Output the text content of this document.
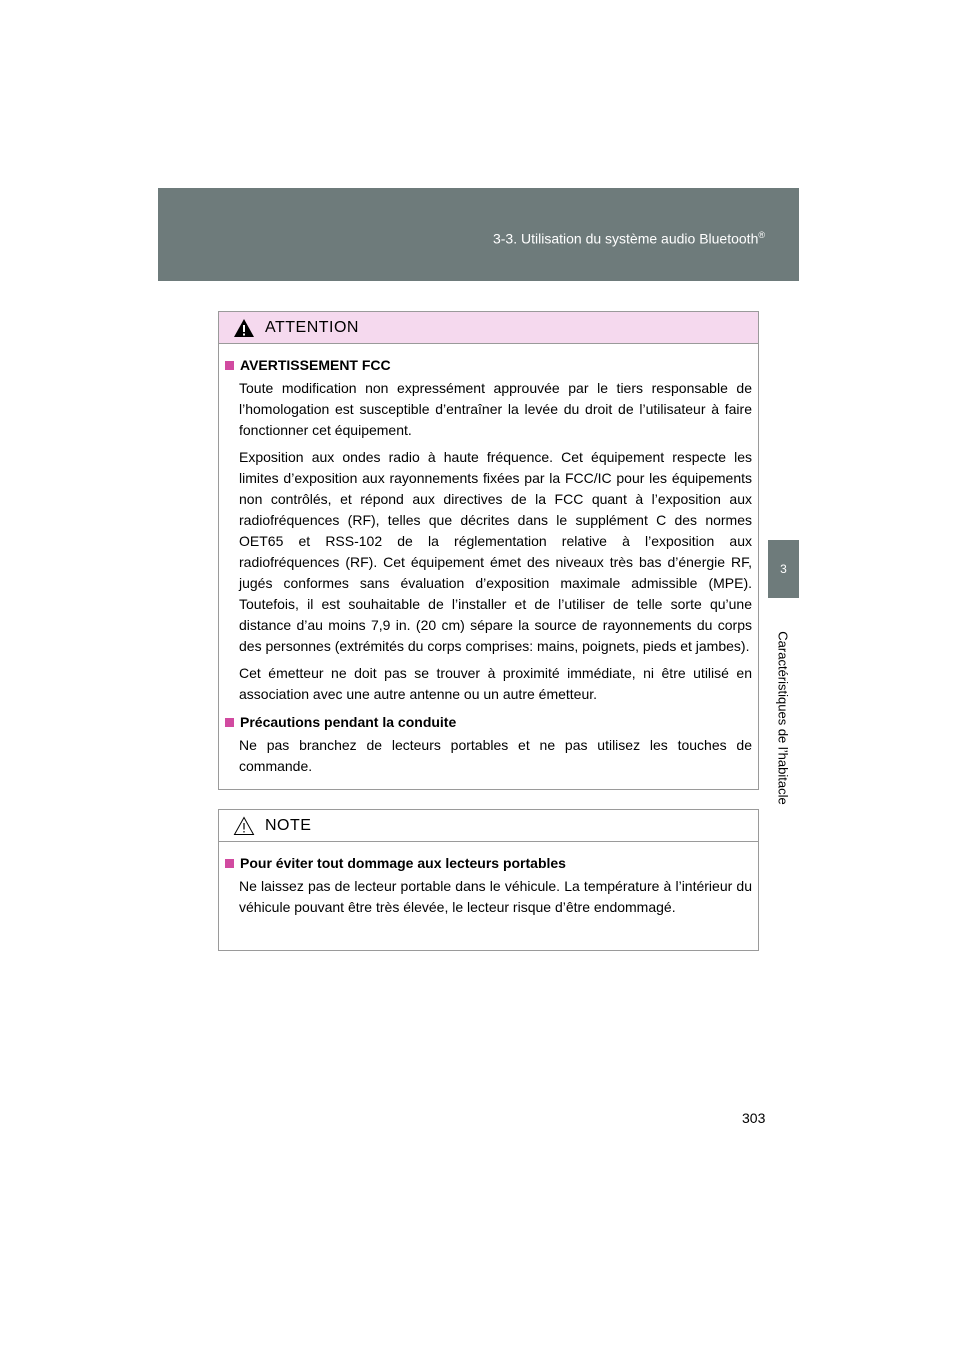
3-3. Utilisation du système audio Bluetooth®
3
Caractéristiques de l’habitacle
ATTENTION
AVERTISSEMENT FCC

Toute modification non expressément approuvée par le tiers responsable de l’homologation est susceptible d’entraîner la levée du droit de l’utilisateur à faire fonctionner cet équipement.

Exposition aux ondes radio à haute fréquence. Cet équipement respecte les limites d’exposition aux rayonnements fixées par la FCC/IC pour les équipements non contrôlés, et répond aux directives de la FCC quant à l’exposition aux radiofréquences (RF), telles que décrites dans le supplément C des normes OET65 et RSS-102 de la réglementation relative à l’exposition aux radiofréquences (RF). Cet équipement émet des niveaux très bas d’énergie RF, jugés conformes sans évaluation d’exposition maximale admissible (MPE). Toutefois, il est souhaitable de l’installer et de l’utiliser de telle sorte qu’une distance d’au moins 7,9 in. (20 cm) sépare la source de rayonnements du corps des personnes (extrémités du corps comprises: mains, poignets, pieds et jambes).

Cet émetteur ne doit pas se trouver à proximité immédiate, ni être utilisé en association avec une autre antenne ou un autre émetteur.

Précautions pendant la conduite

Ne pas branchez de lecteurs portables et ne pas utilisez les touches de commande.

NOTE
Pour éviter tout dommage aux lecteurs portables

Ne laissez pas de lecteur portable dans le véhicule. La température à l’intérieur du véhicule pouvant être très élevée, le lecteur risque d’être endommagé.

303
